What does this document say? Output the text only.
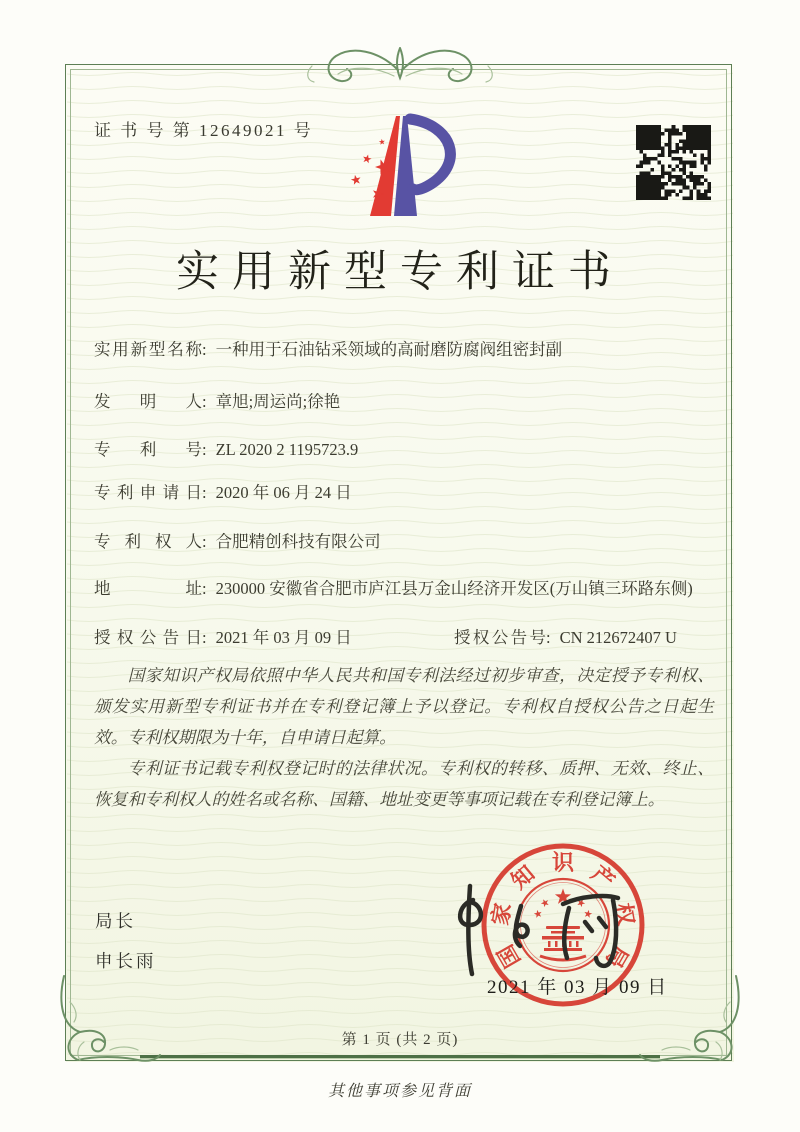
证 书 号 第 12649021 号
实用新型专利证书
实用新型名称: 一种用于石油钻采领域的高耐磨防腐阀组密封副
发明人: 章旭;周运尚;徐艳
专利号: ZL 2020 2 1195723.9
专利申请日: 2020 年 06 月 24 日
专利权人: 合肥精创科技有限公司
地址: 230000 安徽省合肥市庐江县万金山经济开发区(万山镇三环路东侧)
授权公告日: 2021 年 03 月 09 日	授权公告号: CN 212672407 U

国家知识产权局依照中华人民共和国专利法经过初步审查，决定授予专利权、颁发实用新型专利证书并在专利登记簿上予以登记。专利权自授权公告之日起生效。专利权期限为十年，自申请日起算。

专利证书记载专利权登记时的法律状况。专利权的转移、质押、无效、终止、恢复和专利权人的姓名或名称、国籍、地址变更等事项记载在专利登记簿上。

局长
申长雨	国
家
知 识 产
权
局
2021 年 03 月 09 日
第 1 页 (共 2 页)
其他事项参见背面
